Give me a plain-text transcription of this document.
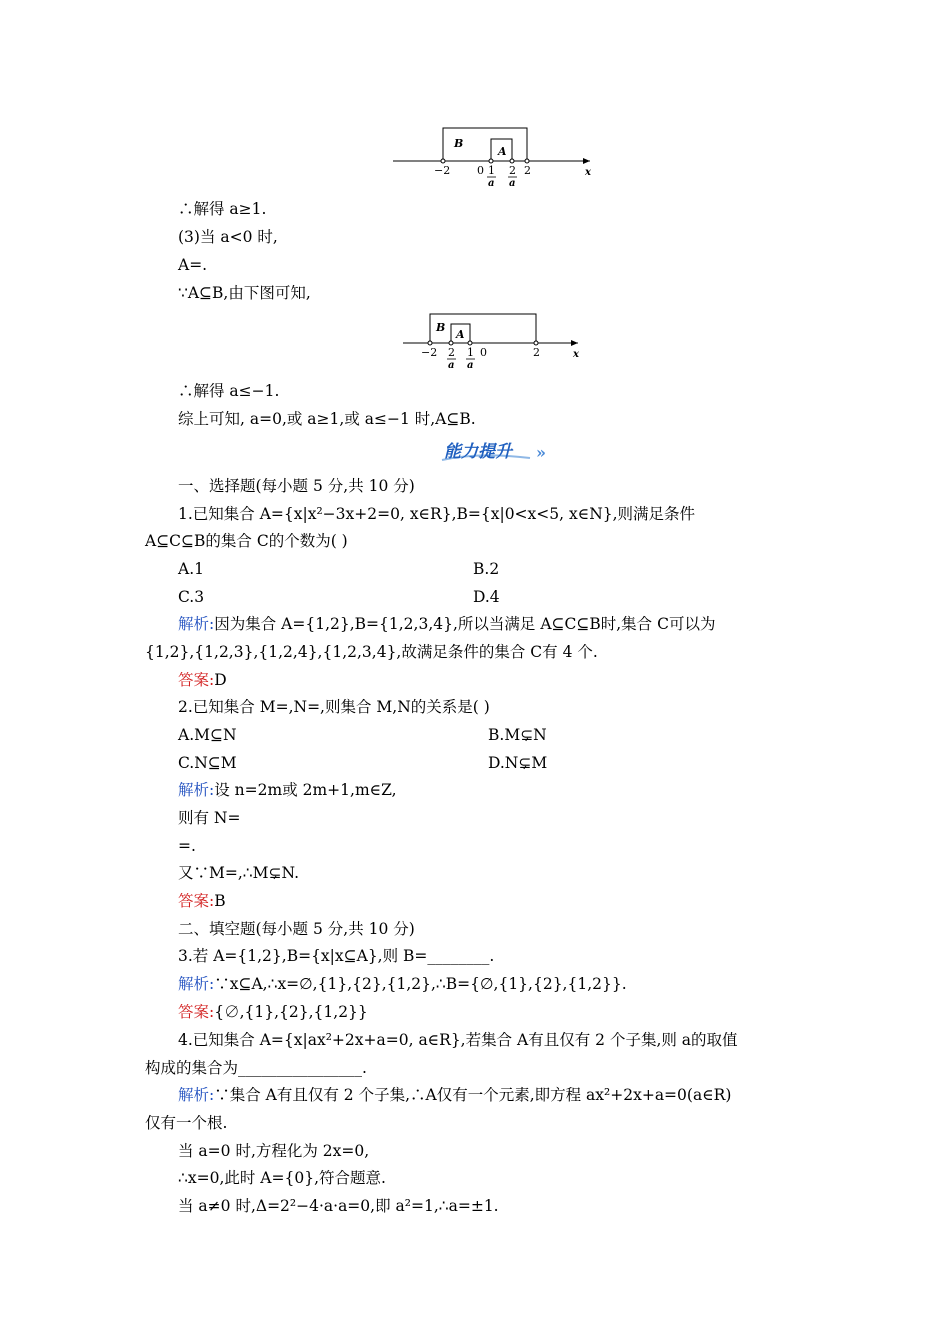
B
A
−2 0 1
a
2
a
2	x
∴解得 a≥1.
(3)当 a<0 时,
A=.
∵A⊆B,由下图可知,
B
A
−2 2
a
1
a
0	2	x
∴解得 a≤−1.
综上可知, a=0,或 a≥1,或 a≤−1 时,A⊆B.
能力提升 »
一、选择题(每小题 5 分,共 10 分)
1.已知集合 A={x|x²−3x+2=0, x∈R},B={x|0<x<5, x∈N},则满足条件
A⊆C⊆B的集合 C的个数为( )
A.1	B.2
C.3	D.4
解析:因为集合 A={1,2},B={1,2,3,4},所以当满足 A⊆C⊆B时,集合 C可以为
{1,2},{1,2,3},{1,2,4},{1,2,3,4},故满足条件的集合 C有 4 个.
答案:D
2.已知集合 M=,N=,则集合 M,N的关系是( )
A.M⊆N	B.M⊊N
C.N⊆M	D.N⊊M
解析:设 n=2m或 2m+1,m∈Z,
则有 N=
=.
又∵M=,∴M⊊N.
答案:B
二、填空题(每小题 5 分,共 10 分)
3.若 A={1,2},B={x|x⊆A},则 B=________.
解析:∵x⊆A,∴x=∅,{1},{2},{1,2},∴B={∅,{1},{2},{1,2}}.
答案:{∅,{1},{2},{1,2}}
4.已知集合 A={x|ax²+2x+a=0, a∈R},若集合 A有且仅有 2 个子集,则 a的取值
构成的集合为________________.
解析:∵集合 A有且仅有 2 个子集,∴A仅有一个元素,即方程 ax²+2x+a=0(a∈R)
仅有一个根.
当 a=0 时,方程化为 2x=0,
∴x=0,此时 A={0},符合题意.
当 a≠0 时,Δ=2²−4·a·a=0,即 a²=1,∴a=±1.
